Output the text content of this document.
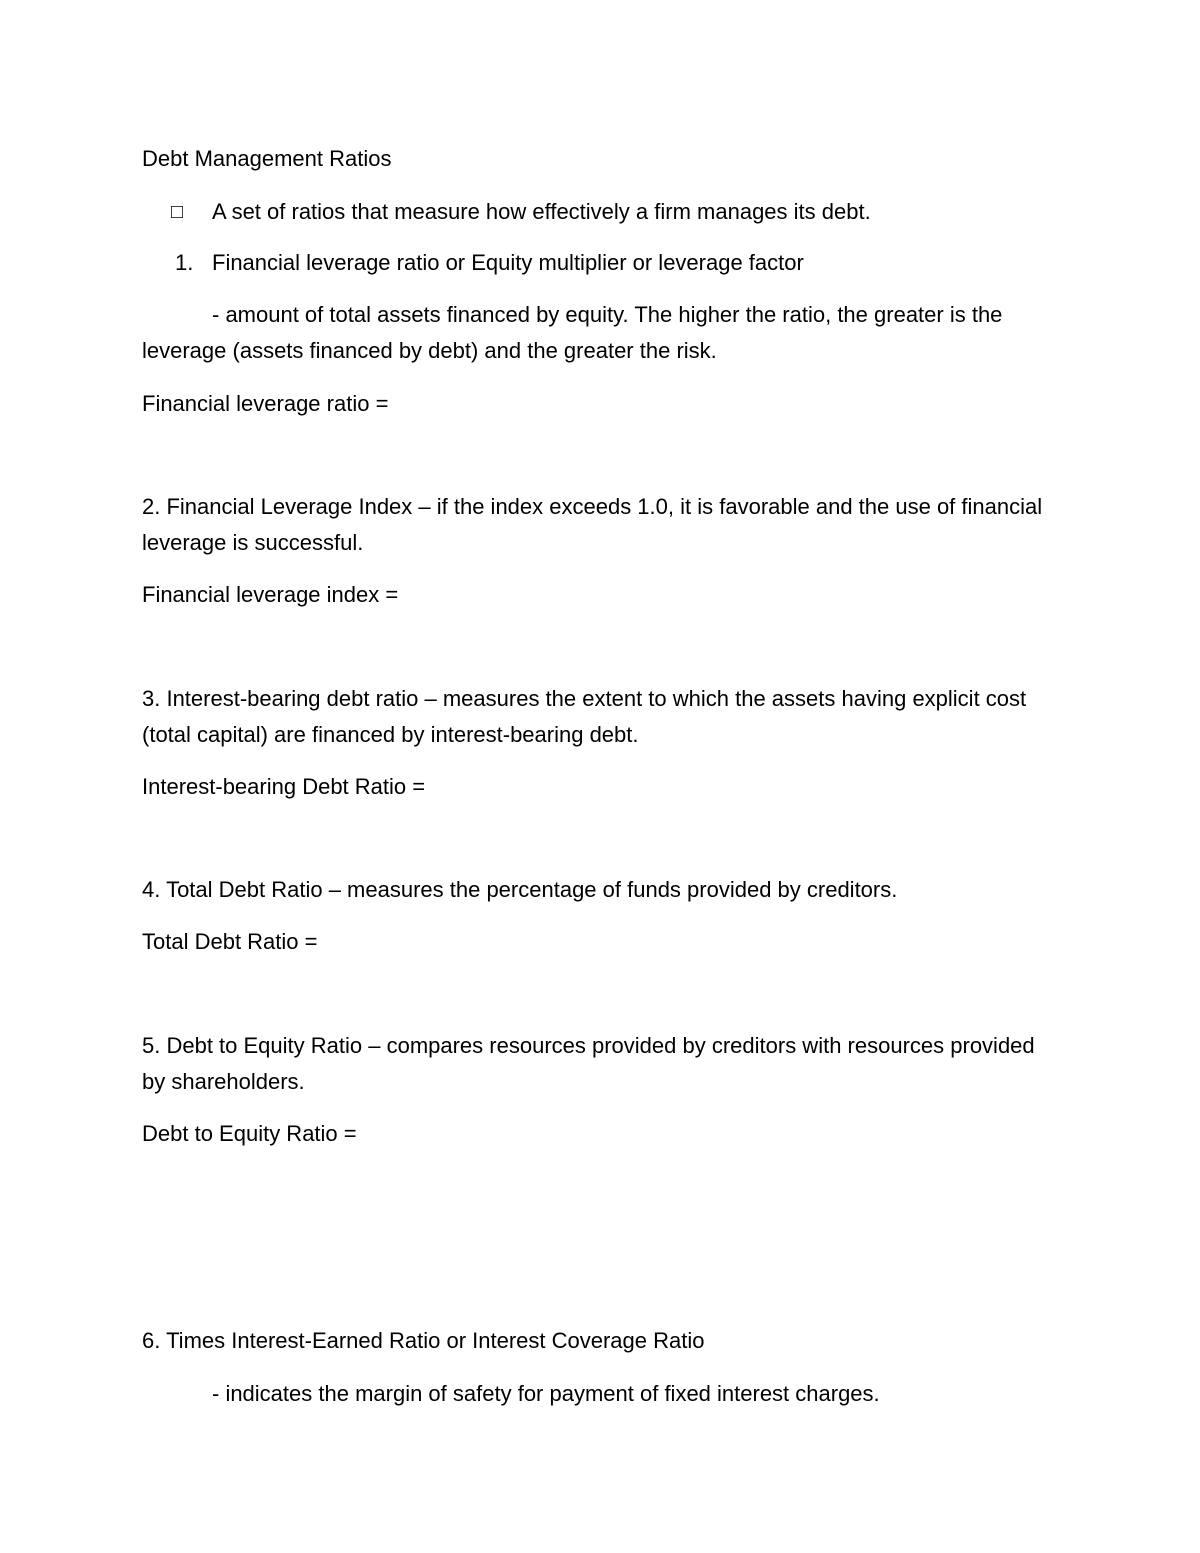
Debt Management Ratios
□ A set of ratios that measure how effectively a firm manages its debt.
1. Financial leverage ratio or Equity multiplier or leverage factor
- amount of total assets financed by equity. The higher the ratio, the greater is the leverage (assets financed by debt) and the greater the risk.
Financial leverage ratio =
2. Financial Leverage Index – if the index exceeds 1.0, it is favorable and the use of financial leverage is successful.
Financial leverage index =
3. Interest-bearing debt ratio – measures the extent to which the assets having explicit cost (total capital) are financed by interest-bearing debt.
Interest-bearing Debt Ratio =
4. Total Debt Ratio – measures the percentage of funds provided by creditors.
Total Debt Ratio =
5. Debt to Equity Ratio – compares resources provided by creditors with resources provided by shareholders.
Debt to Equity Ratio =
6. Times Interest-Earned Ratio or Interest Coverage Ratio
- indicates the margin of safety for payment of fixed interest charges.
